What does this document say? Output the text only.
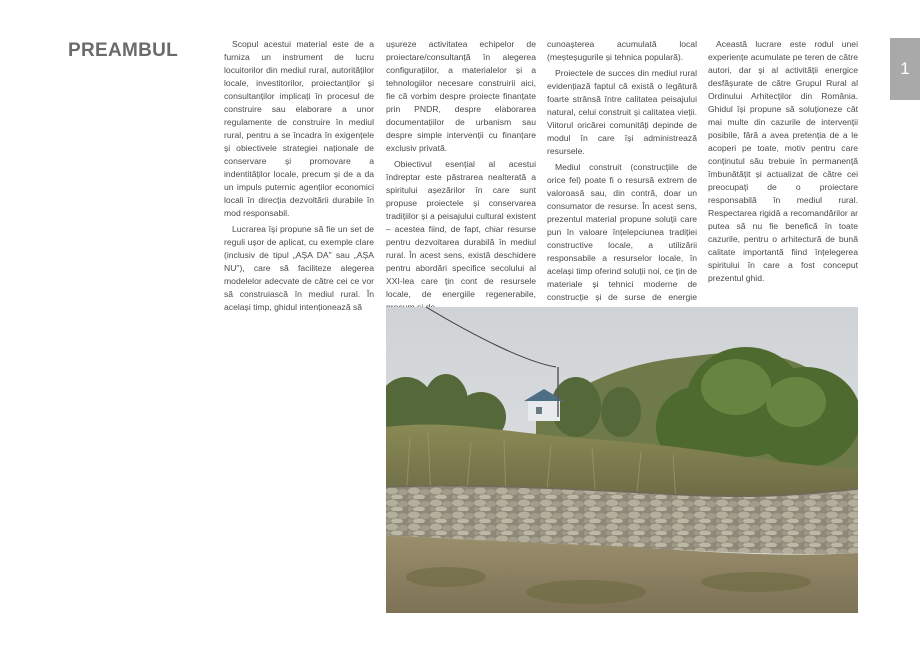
PREAMBUL	Scopul acestui material este de a furniza un instrument de lucru locuitorilor din mediul rural, autorităților locale, investitorilor, proiectanților și consultanților implicați în procesul de construire sau elaborare a unor regulamente de construire în mediul rural, pentru a se încadra în exigențele și obiectivele strategiei naționale de conservare și promovare a indentităților locale, precum și de a da un impuls puternic agenților economici locali în direcția dezvoltării durabile în mod responsabil.

Lucrarea își propune să fie un set de reguli ușor de aplicat, cu exemple clare (inclusiv de tipul „AȘA DA" sau „AȘA NU"), care să faciliteze alegerea modelelor adecvate de către cei ce vor să construiască în mediul rural. În același timp, ghidul intenționează să

ușureze activitatea echipelor de proiectare/consultanță în alegerea configurațiilor, a materialelor și a tehnologiilor necesare construirii aici, fie că vorbim despre proiecte finanțate prin PNDR, despre elaborarea documentațiilor de urbanism sau despre simple intervenții cu finanțare exclusiv privată.

Obiectivul esențial al acestui îndreptar este păstrarea nealterată a spiritului așezărilor în care sunt propuse proiectele și conservarea tradițiilor și a peisajului cultural existent – acestea fiind, de fapt, chiar resurse pentru dezvoltarea durabilă în mediul rural. În acest sens, există deschidere pentru abordări specifice secolului al XXI-lea care țin cont de resursele locale, de energiile regenerabile,

cunoașterea acumulată local (meșteșugurile și tehnica populară).

Proiectele de succes din mediul rural evidențiază faptul că există o legătură foarte strânsă între calitatea peisajului natural, celui construit și calitatea vieții. Viitorul oricărei comunități depinde de modul în care își administrează resursele.

Mediul construit (construcțiile de orice fel) poate fi o resursă extrem de valoroasă sau, din contră, doar un consumator de resurse. În acest sens, prezentul material propune soluții care pun în valoare înțelepciunea tradiției constructive locale, a utilizării responsabile a resurselor locale, în același timp oferind soluții noi, ce țin de materiale și tehnici moderne de construcție și de surse de energie

Această lucrare este rodul unei experiențe acumulate pe teren de către autori, dar și al activității energice desfășurate de către Grupul Rural al Ordinului Arhitecților din România. Ghidul își propune să soluționeze cât mai multe din cazurile de intervenții posibile, fără a avea pretenția de a le acoperi pe toate, motiv pentru care conținutul său trebuie în permanență îmbunătățit și actualizat de către cei preocupați de o proiectare responsabilă în mediul rural. Respectarea rigidă a recomandărilor ar putea să nu fie benefică în toate cazurile, pentru o arhitectură de bună calitate importantă fiind înțelegerea spiritului în care a fost conceput prezentul ghid.

1
